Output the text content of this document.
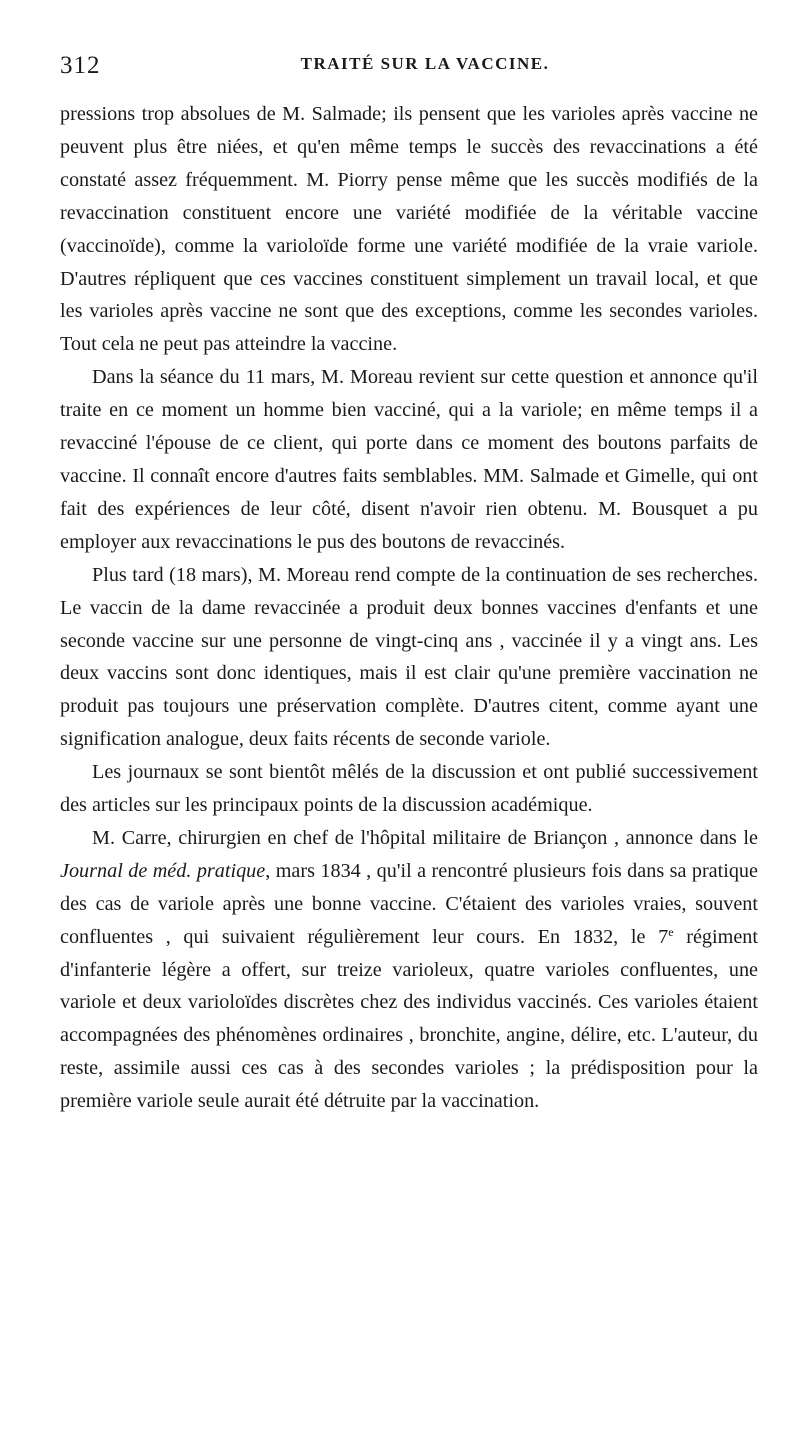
312	TRAITÉ SUR LA VACCINE.

pressions trop absolues de M. Salmade; ils pensent que les varioles après vaccine ne peuvent plus être niées, et qu'en même temps le succès des revaccinations a été constaté assez fréquemment. M. Piorry pense même que les succès modifiés de la revaccination constituent encore une variété modifiée de la véritable vaccine (vaccinoïde), comme la varioloïde forme une variété modifiée de la vraie variole. D'autres répliquent que ces vaccines constituent simplement un travail local, et que les varioles après vaccine ne sont que des exceptions, comme les secondes varioles. Tout cela ne peut pas atteindre la vaccine.

Dans la séance du 11 mars, M. Moreau revient sur cette question et annonce qu'il traite en ce moment un homme bien vacciné, qui a la variole; en même temps il a revacciné l'épouse de ce client, qui porte dans ce moment des boutons parfaits de vaccine. Il connaît encore d'autres faits semblables. MM. Salmade et Gimelle, qui ont fait des expériences de leur côté, disent n'avoir rien obtenu. M. Bousquet a pu employer aux revaccinations le pus des boutons de revaccinés.

Plus tard (18 mars), M. Moreau rend compte de la continuation de ses recherches. Le vaccin de la dame revaccinée a produit deux bonnes vaccines d'enfants et une seconde vaccine sur une personne de vingt-cinq ans , vaccinée il y a vingt ans. Les deux vaccins sont donc identiques, mais il est clair qu'une première vaccination ne produit pas toujours une préservation complète. D'autres citent, comme ayant une signification analogue, deux faits récents de seconde variole.

Les journaux se sont bientôt mêlés de la discussion et ont publié successivement des articles sur les principaux points de la discussion académique.

M. Carre, chirurgien en chef de l'hôpital militaire de Briançon , annonce dans le Journal de méd. pratique, mars 1834 , qu'il a rencontré plusieurs fois dans sa pratique des cas de variole après une bonne vaccine. C'étaient des varioles vraies, souvent confluentes , qui suivaient régulièrement leur cours. En 1832, le 7e régiment d'infanterie légère a offert, sur treize varioleux, quatre varioles confluentes, une variole et deux varioloïdes discrètes chez des individus vaccinés. Ces varioles étaient accompagnées des phénomènes ordinaires , bronchite, angine, délire, etc. L'auteur, du reste, assimile aussi ces cas à des secondes varioles ; la prédisposition pour la première variole seule aurait été détruite par la vaccination.
